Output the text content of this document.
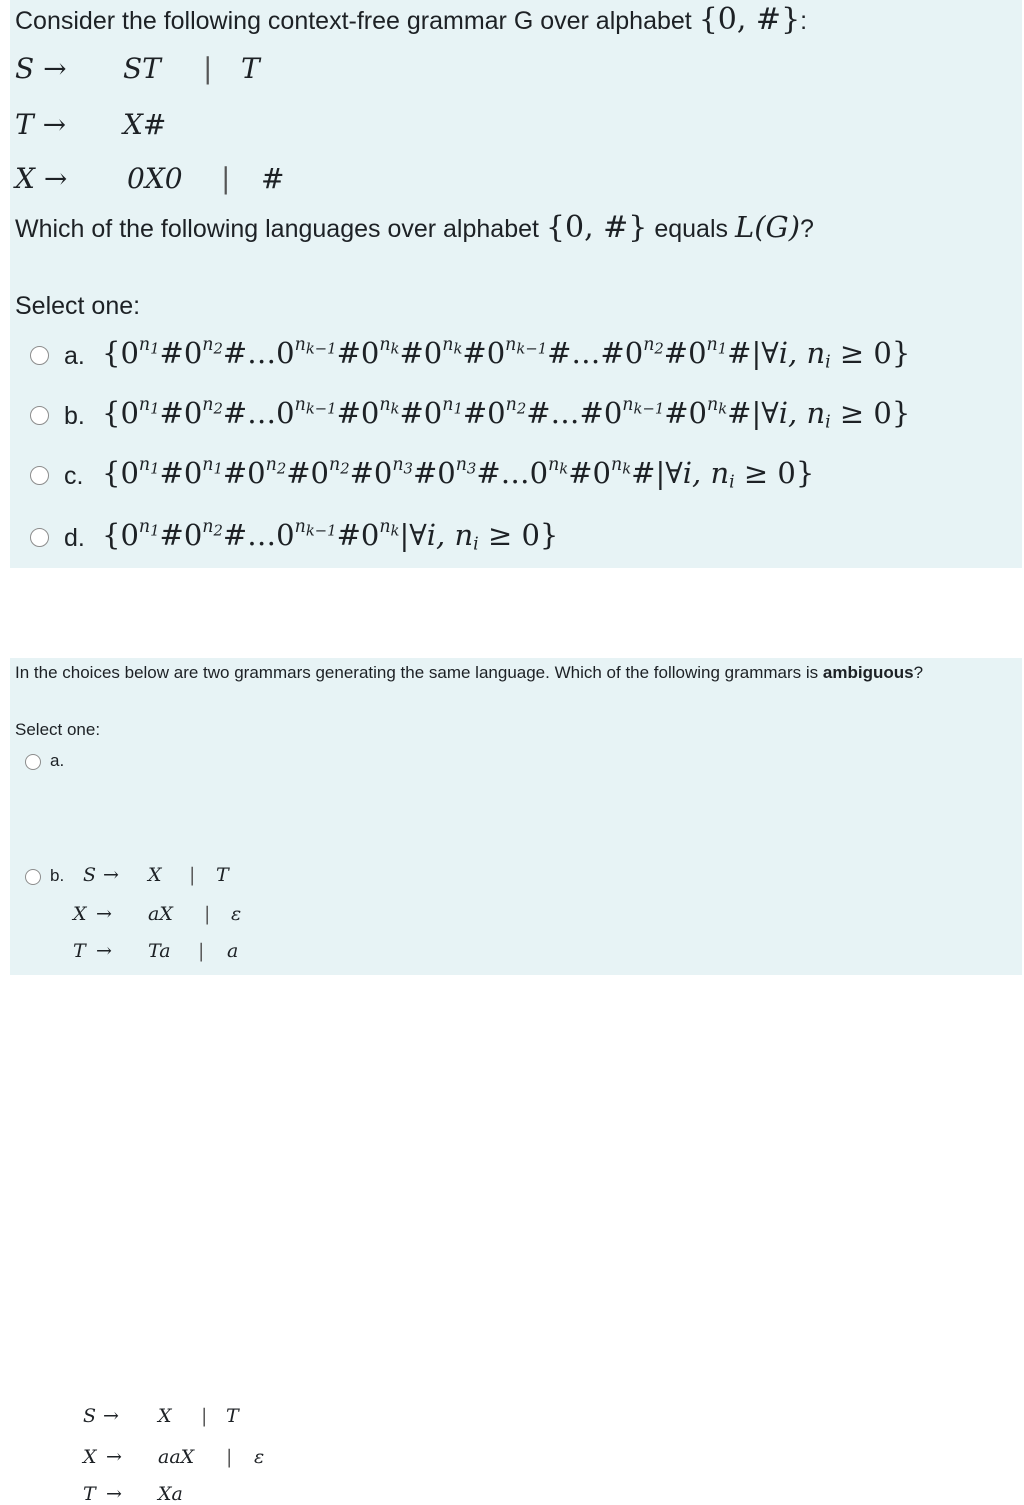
Consider the following context-free grammar G over alphabet {0, #}:
S → ST | T
T → X#
X → 0X0 | #
Which of the following languages over alphabet {0, #} equals L(G)?
Select one:
a. {$0^{n_1}\#0^{n_2}\#\dots 0^{n_{k-1}}\#0^{n_k}\#0^{n_k}\#0^{n_{k-1}}\#\dots\#0^{n_2}\#0^{n_1}\#|\forall i$, $n_i \ge 0$}
b. {$0^{n_1}\#0^{n_2}\#\dots 0^{n_{k-1}}\#0^{n_k}\#0^{n_1}\#0^{n_2}\#\dots\#0^{n_{k-1}}\#0^{n_k}\#|\forall i$, $n_i \ge 0$}
c. {$0^{n_1}\#0^{n_1}\#0^{n_2}\#0^{n_2}\#0^{n_3}\#0^{n_3}\#\dots 0^{n_k}\#0^{n_k}\#|\forall i$, $n_i \ge 0$}
d. {$0^{n_1}\#0^{n_2}\#\dots 0^{n_{k-1}}\#0^{n_k}|\forall i$, $n_i \ge 0$}
In the choices below are two grammars generating the same language. Which of the following grammars is ambiguous?
Select one:
a.
S → X | T
X → aaX | ε
T → Xa
b. S → X | T
X → aX | ε
T → Ta | a
